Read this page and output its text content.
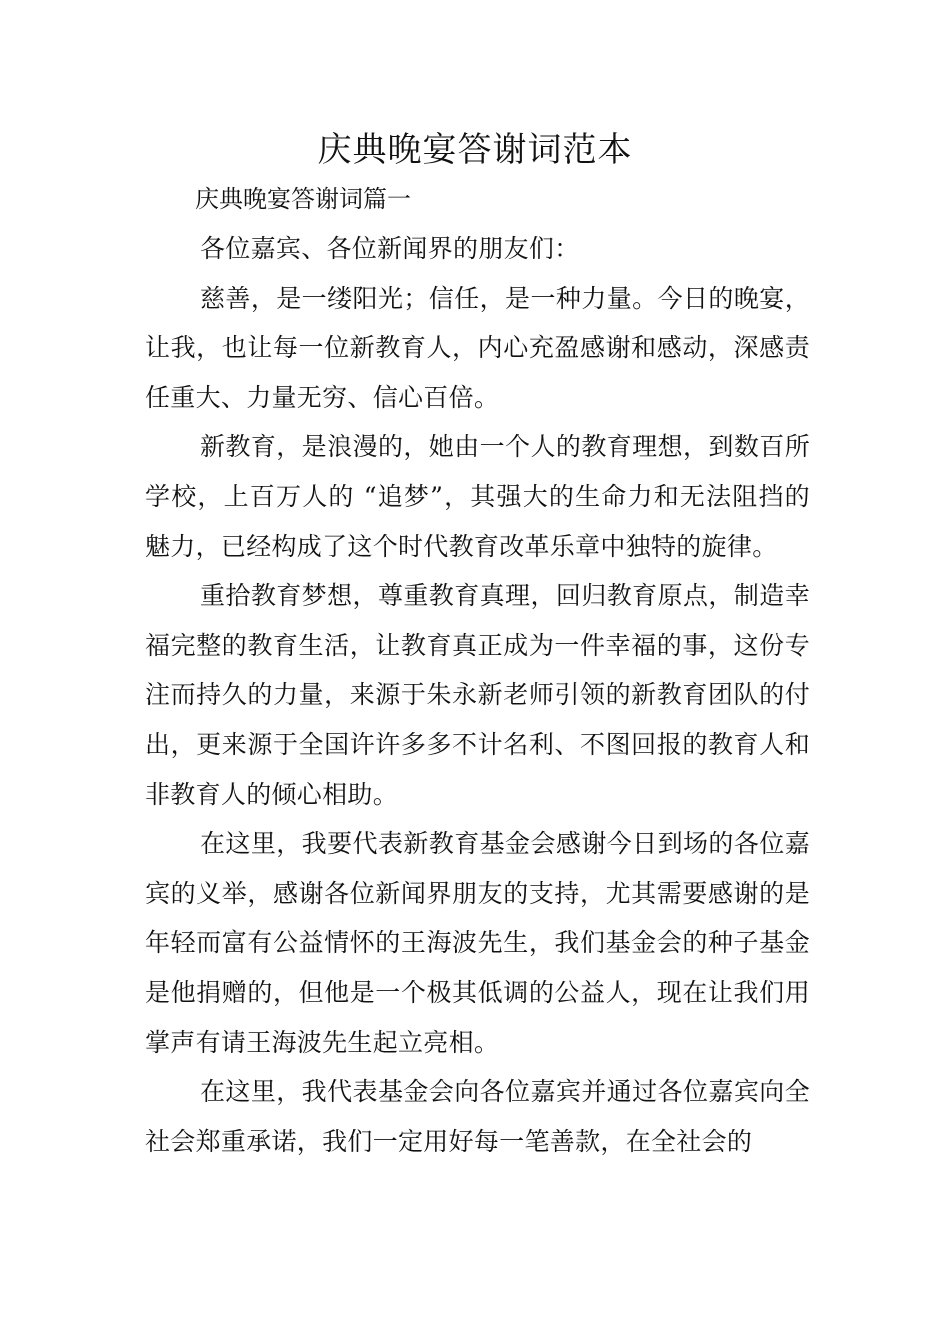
庆典晚宴答谢词范本
庆典晚宴答谢词篇一

各位嘉宾、各位新闻界的朋友们：

慈善，是一缕阳光；信任，是一种力量。今日的晚宴，让我，也让每一位新教育人，内心充盈感谢和感动，深感责任重大、力量无穷、信心百倍。

新教育，是浪漫的，她由一个人的教育理想，到数百所学校，上百万人的 “追梦”，其强大的生命力和无法阻挡的魅力，已经构成了这个时代教育改革乐章中独特的旋律。

重拾教育梦想，尊重教育真理，回归教育原点，制造幸福完整的教育生活，让教育真正成为一件幸福的事，这份专注而持久的力量，来源于朱永新老师引领的新教育团队的付出，更来源于全国许许多多不计名利、不图回报的教育人和非教育人的倾心相助。

在这里，我要代表新教育基金会感谢今日到场的各位嘉宾的义举，感谢各位新闻界朋友的支持，尤其需要感谢的是年轻而富有公益情怀的王海波先生，我们基金会的种子基金是他捐赠的，但他是一个极其低调的公益人，现在让我们用掌声有请王海波先生起立亮相。

在这里，我代表基金会向各位嘉宾并通过各位嘉宾向全社会郑重承诺，我们一定用好每一笔善款，在全社会的
